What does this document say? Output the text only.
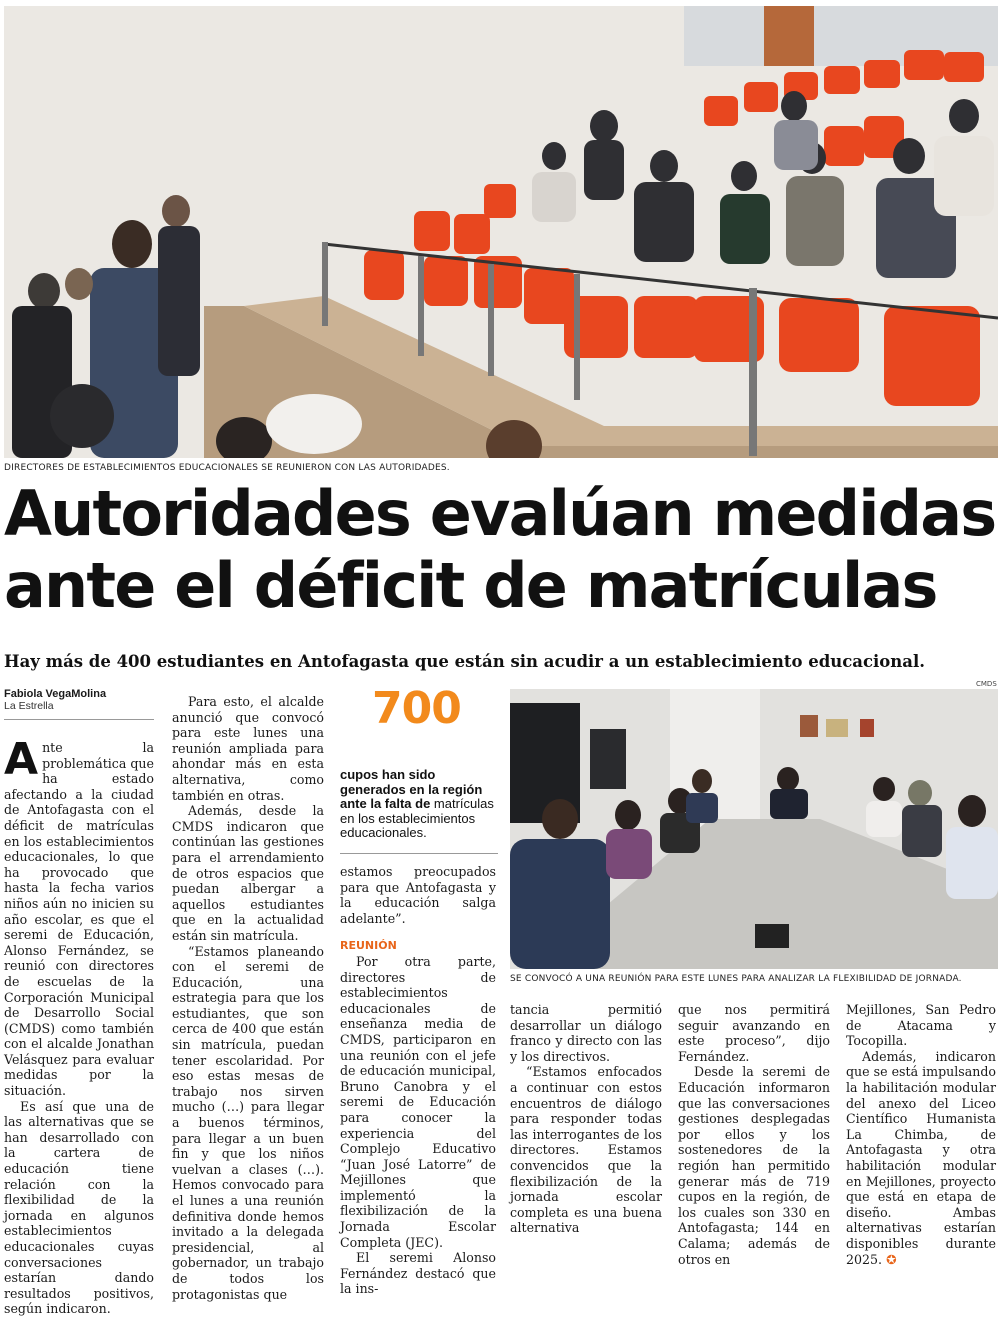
DIRECTORES DE ESTABLECIMIENTOS EDUCACIONALES SE REUNIERON CON LAS AUTORIDADES.
Autoridades evalúan medidas
ante el déficit de matrículas
Hay más de 400 estudiantes en Antofagasta que están sin acudir a un establecimiento educacional.
Fabiola VegaMolina
La Estrella

Ante la problemática que ha estado afectando a la ciudad de Antofagasta con el déficit de matrículas en los establecimientos educacionales, lo que ha provocado que hasta la fecha varios niños aún no inicien su año escolar, es que el seremi de Educación, Alonso Fernández, se reunió con directores de escuelas de la Corporación Municipal de Desarrollo Social (CMDS) como también con el alcalde Jonathan Velásquez para evaluar medidas por la situación.

Es así que una de las alternativas que se han desarrollado con la cartera de educación tiene relación con la flexibilidad de la jornada en algunos establecimientos educacionales cuyas conversaciones estarían dando resultados positivos, según indicaron.

Para esto, el alcalde anunció que convocó para este lunes una reunión ampliada para ahondar más en esta alternativa, como también en otras.

Además, desde la CMDS indicaron que continúan las gestiones para el arrendamiento de otros espacios que puedan albergar a aquellos estudiantes que en la actualidad están sin matrícula.

“Estamos planeando con el seremi de Educación, una estrategia para que los estudiantes, que son cerca de 400 que están sin matrícula, puedan tener escolaridad. Por eso estas mesas de trabajo nos sirven mucho (…) para llegar a buenos términos, para llegar a un buen fin y que los niños vuelvan a clases (…). Hemos convocado para el lunes a una reunión definitiva donde hemos invitado a la delegada presidencial, al gobernador, un trabajo de todos los protagonistas que

700
cupos han sido generados en la región ante la falta de matrículas en los establecimientos educacionales.

estamos preocupados para que Antofagasta y la educación salga adelante”.

REUNIÓN

Por otra parte, directores de establecimientos educacionales de enseñanza media de CMDS, participaron en una reunión con el jefe de educación municipal, Bruno Canobra y el seremi de Educación para conocer la experiencia del Complejo Educativo “Juan José Latorre” de Mejillones que implementó la flexibilización de la Jornada Escolar Completa (JEC).

El seremi Alonso Fernández destacó que la ins-

CMDS
SE CONVOCÓ A UNA REUNIÓN PARA ESTE LUNES PARA ANALIZAR LA FLEXIBILIDAD DE JORNADA.

tancia permitió desarrollar un diálogo franco y directo con las y los directivos.

“Estamos enfocados a continuar con estos encuentros de diálogo para responder todas las interrogantes de los directores. Estamos convencidos que la flexibilización de la jornada escolar completa es una buena alternativa

que nos permitirá seguir avanzando en este proceso”, dijo Fernández.

Desde la seremi de Educación informaron que las conversaciones gestiones desplegadas por ellos y los sostenedores de la región han permitido generar más de 719 cupos en la región, de los cuales son 330 en Antofagasta; 144 en Calama; además de otros en

Mejillones, San Pedro de Atacama y Tocopilla.

Además, indicaron que se está impulsando la habilitación modular del anexo del Liceo Científico Humanista La Chimba, de Antofagasta y otra habilitación modular en Mejillones, proyecto que está en etapa de diseño. Ambas alternativas estarían disponibles durante 2025. ✪
